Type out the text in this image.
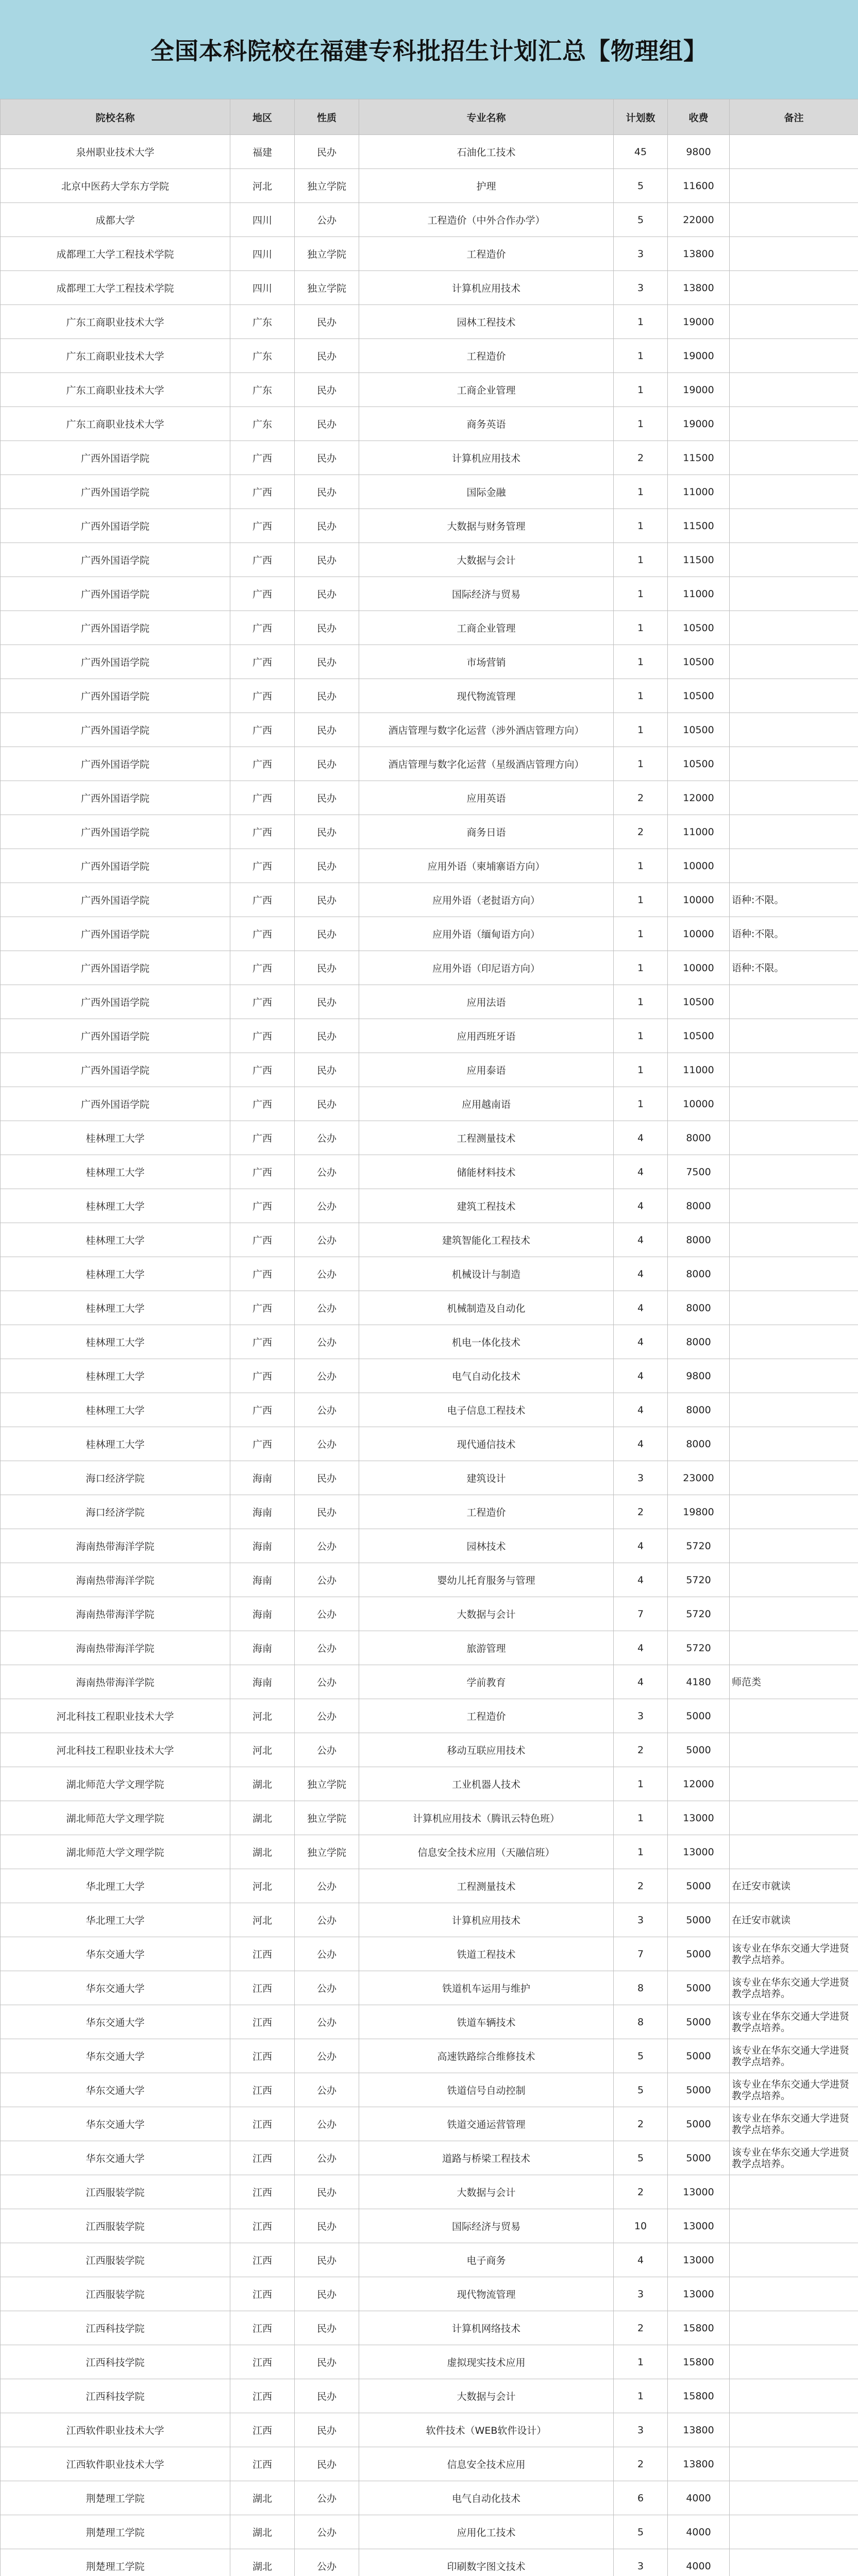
全国本科院校在福建专科批招生计划汇总【物理组】
院校名称	地区	性质	专业名称	计划数	收费	备注
泉州职业技术大学	福建	民办	石油化工技术	45	9800	
北京中医药大学东方学院	河北	独立学院	护理	5	11600	
成都大学	四川	公办	工程造价（中外合作办学）	5	22000	
成都理工大学工程技术学院	四川	独立学院	工程造价	3	13800	
成都理工大学工程技术学院	四川	独立学院	计算机应用技术	3	13800	
广东工商职业技术大学	广东	民办	园林工程技术	1	19000	
广东工商职业技术大学	广东	民办	工程造价	1	19000	
广东工商职业技术大学	广东	民办	工商企业管理	1	19000	
广东工商职业技术大学	广东	民办	商务英语	1	19000	
广西外国语学院	广西	民办	计算机应用技术	2	11500	
广西外国语学院	广西	民办	国际金融	1	11000	
广西外国语学院	广西	民办	大数据与财务管理	1	11500	
广西外国语学院	广西	民办	大数据与会计	1	11500	
广西外国语学院	广西	民办	国际经济与贸易	1	11000	
广西外国语学院	广西	民办	工商企业管理	1	10500	
广西外国语学院	广西	民办	市场营销	1	10500	
广西外国语学院	广西	民办	现代物流管理	1	10500	
广西外国语学院	广西	民办	酒店管理与数字化运营（涉外酒店管理方向）	1	10500	
广西外国语学院	广西	民办	酒店管理与数字化运营（星级酒店管理方向）	1	10500	
广西外国语学院	广西	民办	应用英语	2	12000	
广西外国语学院	广西	民办	商务日语	2	11000	
广西外国语学院	广西	民办	应用外语（柬埔寨语方向）	1	10000	
广西外国语学院	广西	民办	应用外语（老挝语方向）	1	10000	语种:不限。
广西外国语学院	广西	民办	应用外语（缅甸语方向）	1	10000	语种:不限。
广西外国语学院	广西	民办	应用外语（印尼语方向）	1	10000	语种:不限。
广西外国语学院	广西	民办	应用法语	1	10500	
广西外国语学院	广西	民办	应用西班牙语	1	10500	
广西外国语学院	广西	民办	应用泰语	1	11000	
广西外国语学院	广西	民办	应用越南语	1	10000	
桂林理工大学	广西	公办	工程测量技术	4	8000	
桂林理工大学	广西	公办	储能材料技术	4	7500	
桂林理工大学	广西	公办	建筑工程技术	4	8000	
桂林理工大学	广西	公办	建筑智能化工程技术	4	8000	
桂林理工大学	广西	公办	机械设计与制造	4	8000	
桂林理工大学	广西	公办	机械制造及自动化	4	8000	
桂林理工大学	广西	公办	机电一体化技术	4	8000	
桂林理工大学	广西	公办	电气自动化技术	4	9800	
桂林理工大学	广西	公办	电子信息工程技术	4	8000	
桂林理工大学	广西	公办	现代通信技术	4	8000	
海口经济学院	海南	民办	建筑设计	3	23000	
海口经济学院	海南	民办	工程造价	2	19800	
海南热带海洋学院	海南	公办	园林技术	4	5720	
海南热带海洋学院	海南	公办	婴幼儿托育服务与管理	4	5720	
海南热带海洋学院	海南	公办	大数据与会计	7	5720	
海南热带海洋学院	海南	公办	旅游管理	4	5720	
海南热带海洋学院	海南	公办	学前教育	4	4180	师范类
河北科技工程职业技术大学	河北	公办	工程造价	3	5000	
河北科技工程职业技术大学	河北	公办	移动互联应用技术	2	5000	
湖北师范大学文理学院	湖北	独立学院	工业机器人技术	1	12000	
湖北师范大学文理学院	湖北	独立学院	计算机应用技术（腾讯云特色班）	1	13000	
湖北师范大学文理学院	湖北	独立学院	信息安全技术应用（天融信班）	1	13000	
华北理工大学	河北	公办	工程测量技术	2	5000	在迁安市就读
华北理工大学	河北	公办	计算机应用技术	3	5000	在迁安市就读
华东交通大学	江西	公办	铁道工程技术	7	5000	该专业在华东交通大学进贤教学点培养。
华东交通大学	江西	公办	铁道机车运用与维护	8	5000	该专业在华东交通大学进贤教学点培养。
华东交通大学	江西	公办	铁道车辆技术	8	5000	该专业在华东交通大学进贤教学点培养。
华东交通大学	江西	公办	高速铁路综合维修技术	5	5000	该专业在华东交通大学进贤教学点培养。
华东交通大学	江西	公办	铁道信号自动控制	5	5000	该专业在华东交通大学进贤教学点培养。
华东交通大学	江西	公办	铁道交通运营管理	2	5000	该专业在华东交通大学进贤教学点培养。
华东交通大学	江西	公办	道路与桥梁工程技术	5	5000	该专业在华东交通大学进贤教学点培养。
江西服装学院	江西	民办	大数据与会计	2	13000	
江西服装学院	江西	民办	国际经济与贸易	10	13000	
江西服装学院	江西	民办	电子商务	4	13000	
江西服装学院	江西	民办	现代物流管理	3	13000	
江西科技学院	江西	民办	计算机网络技术	2	15800	
江西科技学院	江西	民办	虚拟现实技术应用	1	15800	
江西科技学院	江西	民办	大数据与会计	1	15800	
江西软件职业技术大学	江西	民办	软件技术（WEB软件设计）	3	13800	
江西软件职业技术大学	江西	民办	信息安全技术应用	2	13800	
荆楚理工学院	湖北	公办	电气自动化技术	6	4000	
荆楚理工学院	湖北	公办	应用化工技术	5	4000	
荆楚理工学院	湖北	公办	印刷数字图文技术	3	4000	
